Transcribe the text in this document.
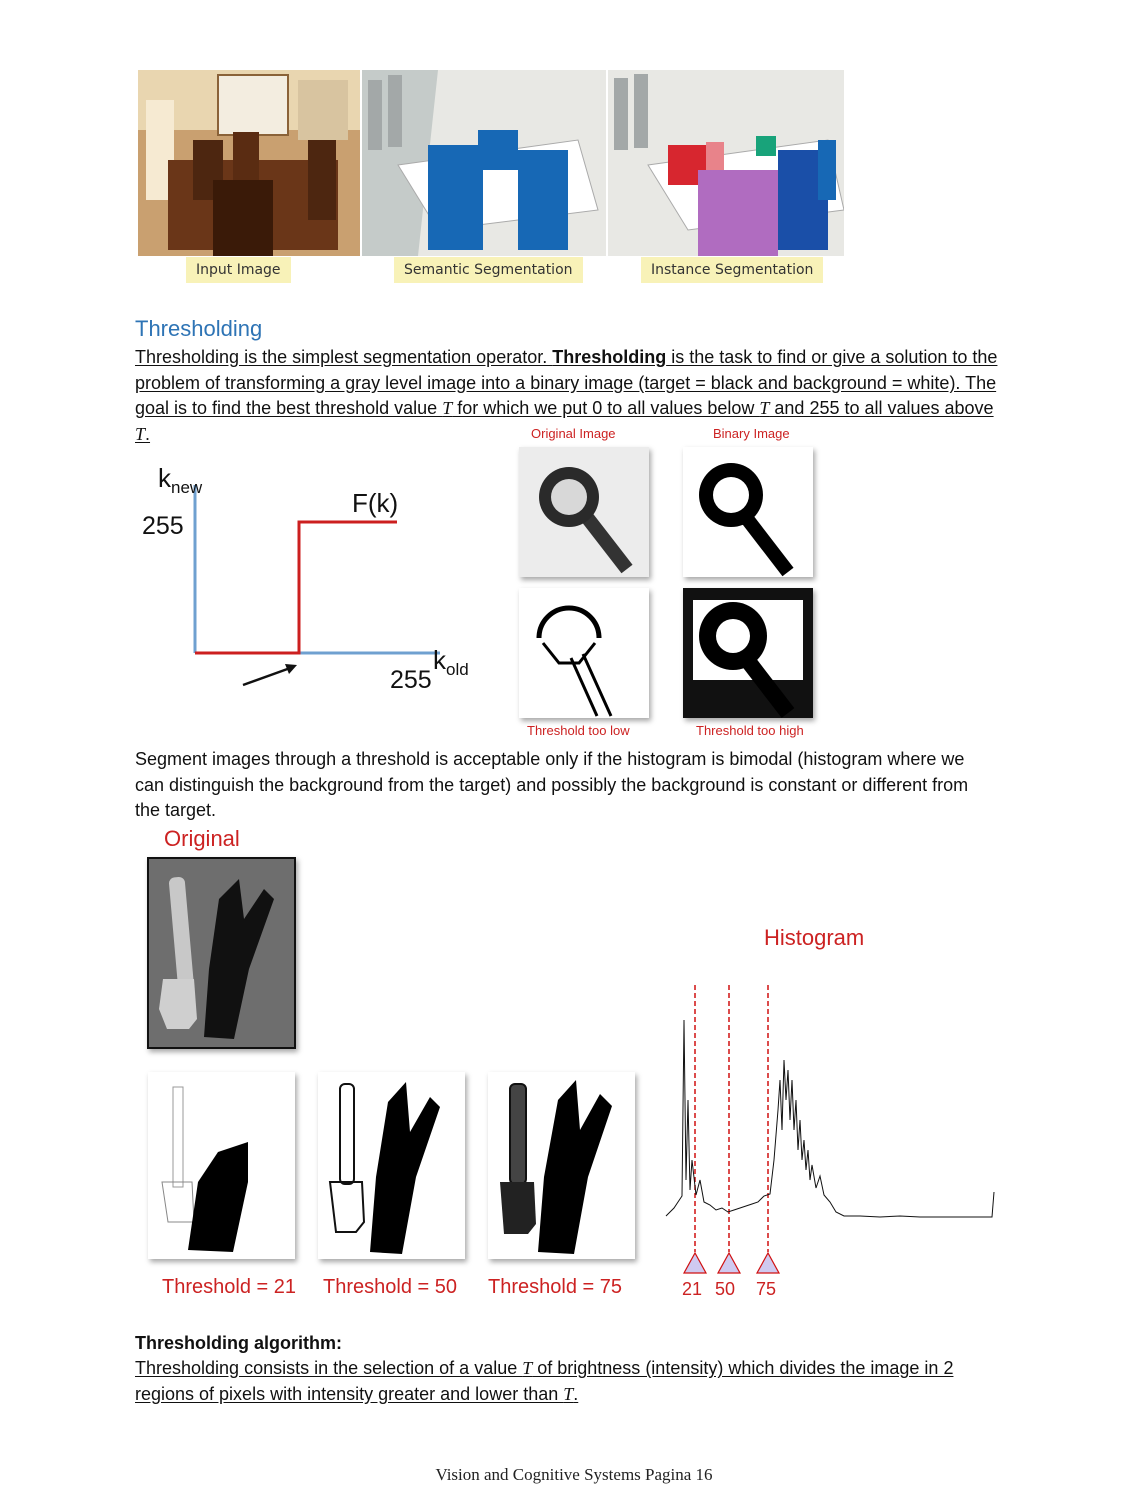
Input Image	Semantic Segmentation	Instance Segmentation
Thresholding
Thresholding is the simplest segmentation operator. Thresholding is the task to find or give a solution to the problem of transforming a gray level image into a binary image (target = black and background = white). The goal is to find the best threshold value T for which we put 0 to all values below T and 255 to all values above T.
$k_{new}$
255
F(k)
255
$k_{old}$
Original Image	Binary Image
Threshold too low	Threshold too high
Segment images through a threshold is acceptable only if the histogram is bimodal (histogram where we can distinguish the background from the target) and possibly the background is constant or different from the target.
Original
Threshold = 21 Threshold = 50 Threshold = 75
Histogram
21 50 75
Thresholding algorithm:
Thresholding consists in the selection of a value T of brightness (intensity) which divides the image in 2 regions of pixels with intensity greater and lower than T.
Vision and Cognitive Systems Pagina 16
